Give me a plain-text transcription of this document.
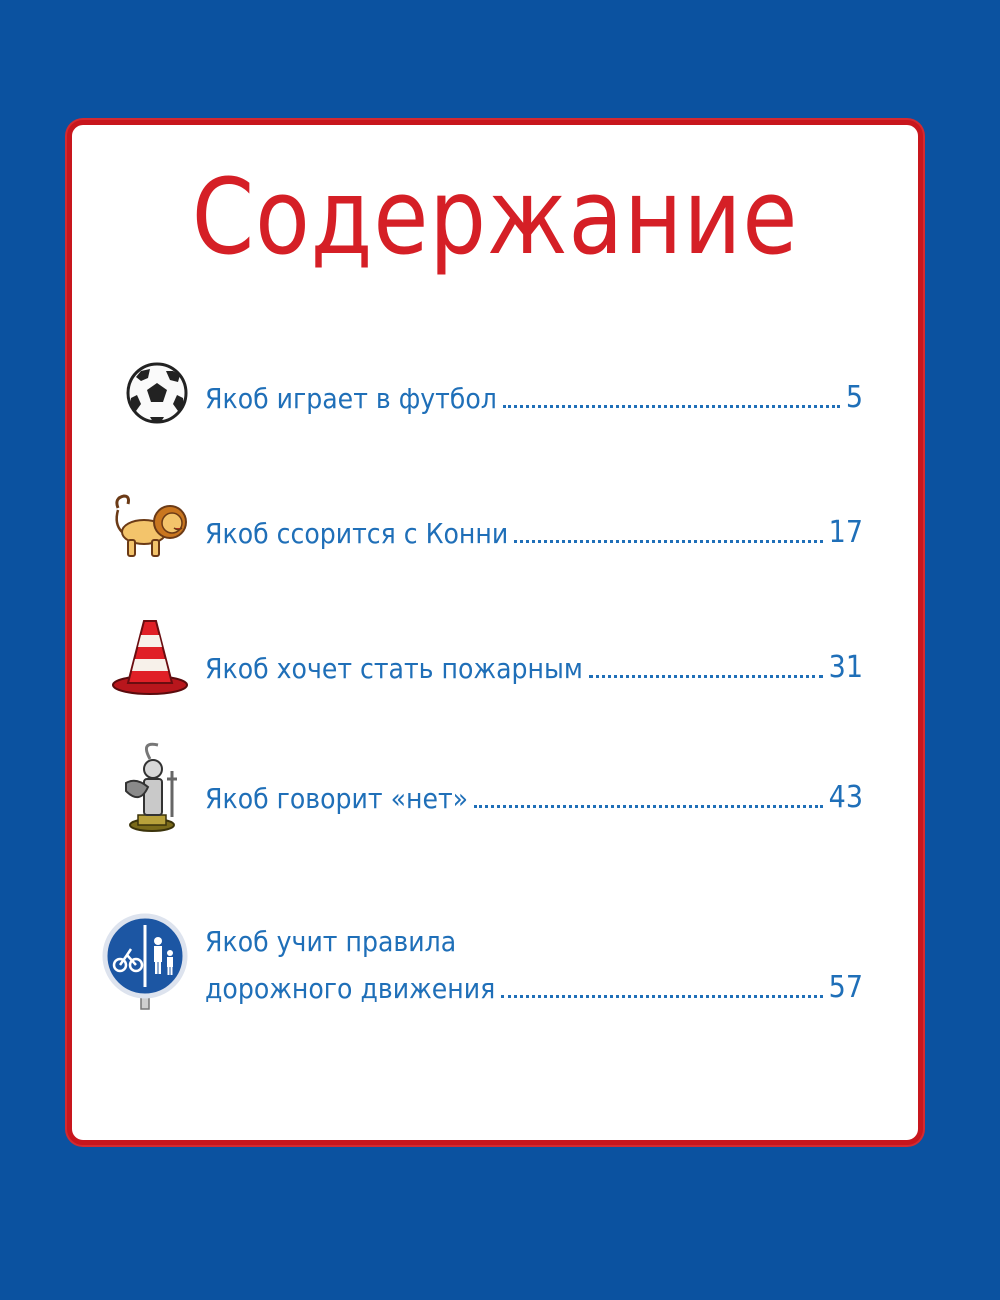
Содержание
Якоб играет в футбол	5
Якоб ссорится с Конни	17
Якоб хочет стать пожарным	31
Якоб говорит «нет»	43
Якоб учит правила
дорожного движения	57
